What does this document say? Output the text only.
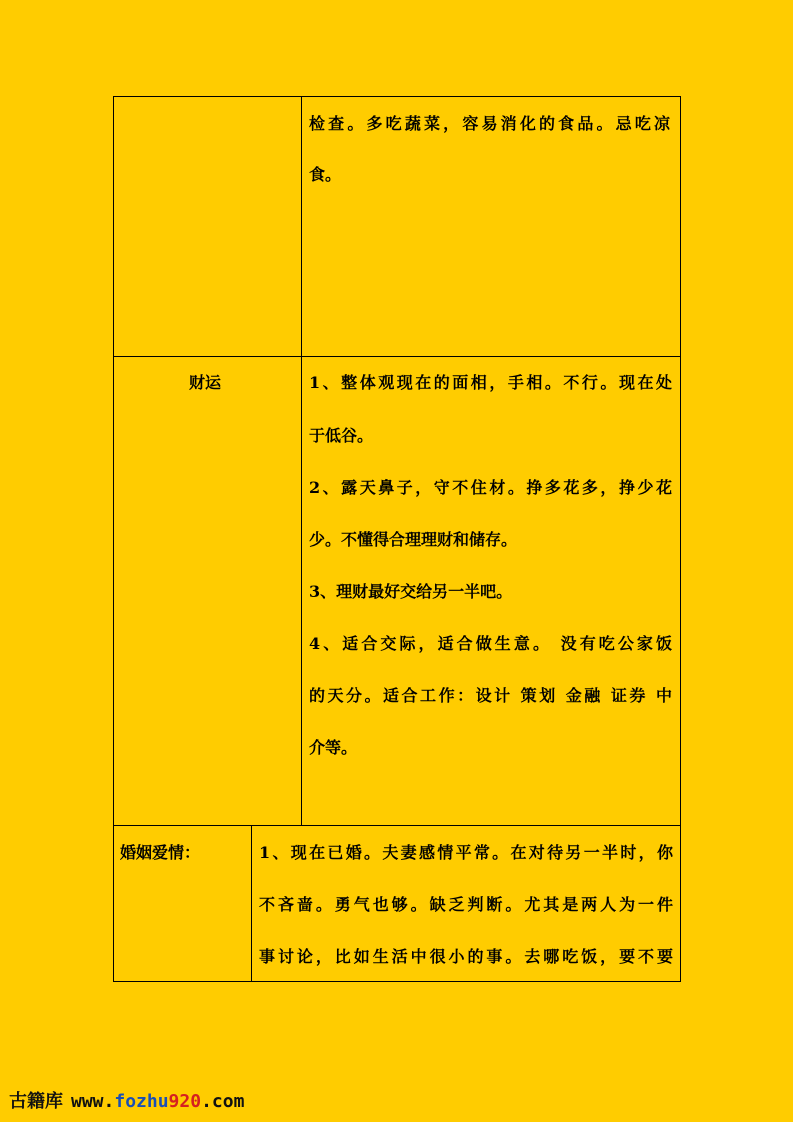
检查。多吃蔬菜，容易消化的食品。忌吃凉

食。

财运	1、整体观现在的面相，手相。不行。现在处

于低谷。

2、露天鼻子，守不住材。挣多花多，挣少花

少。不懂得合理理财和储存。

3、理财最好交给另一半吧。

4、适合交际，适合做生意。 没有吃公家饭

的天分。适合工作：设计 策划 金融 证券 中

介等。

婚姻爱情：	1、现在已婚。夫妻感情平常。在对待另一半时，你

不吝啬。勇气也够。缺乏判断。尤其是两人为一件

事讨论，比如生活中很小的事。去哪吃饭，要不要

古籍库 www.fozhu920.com
